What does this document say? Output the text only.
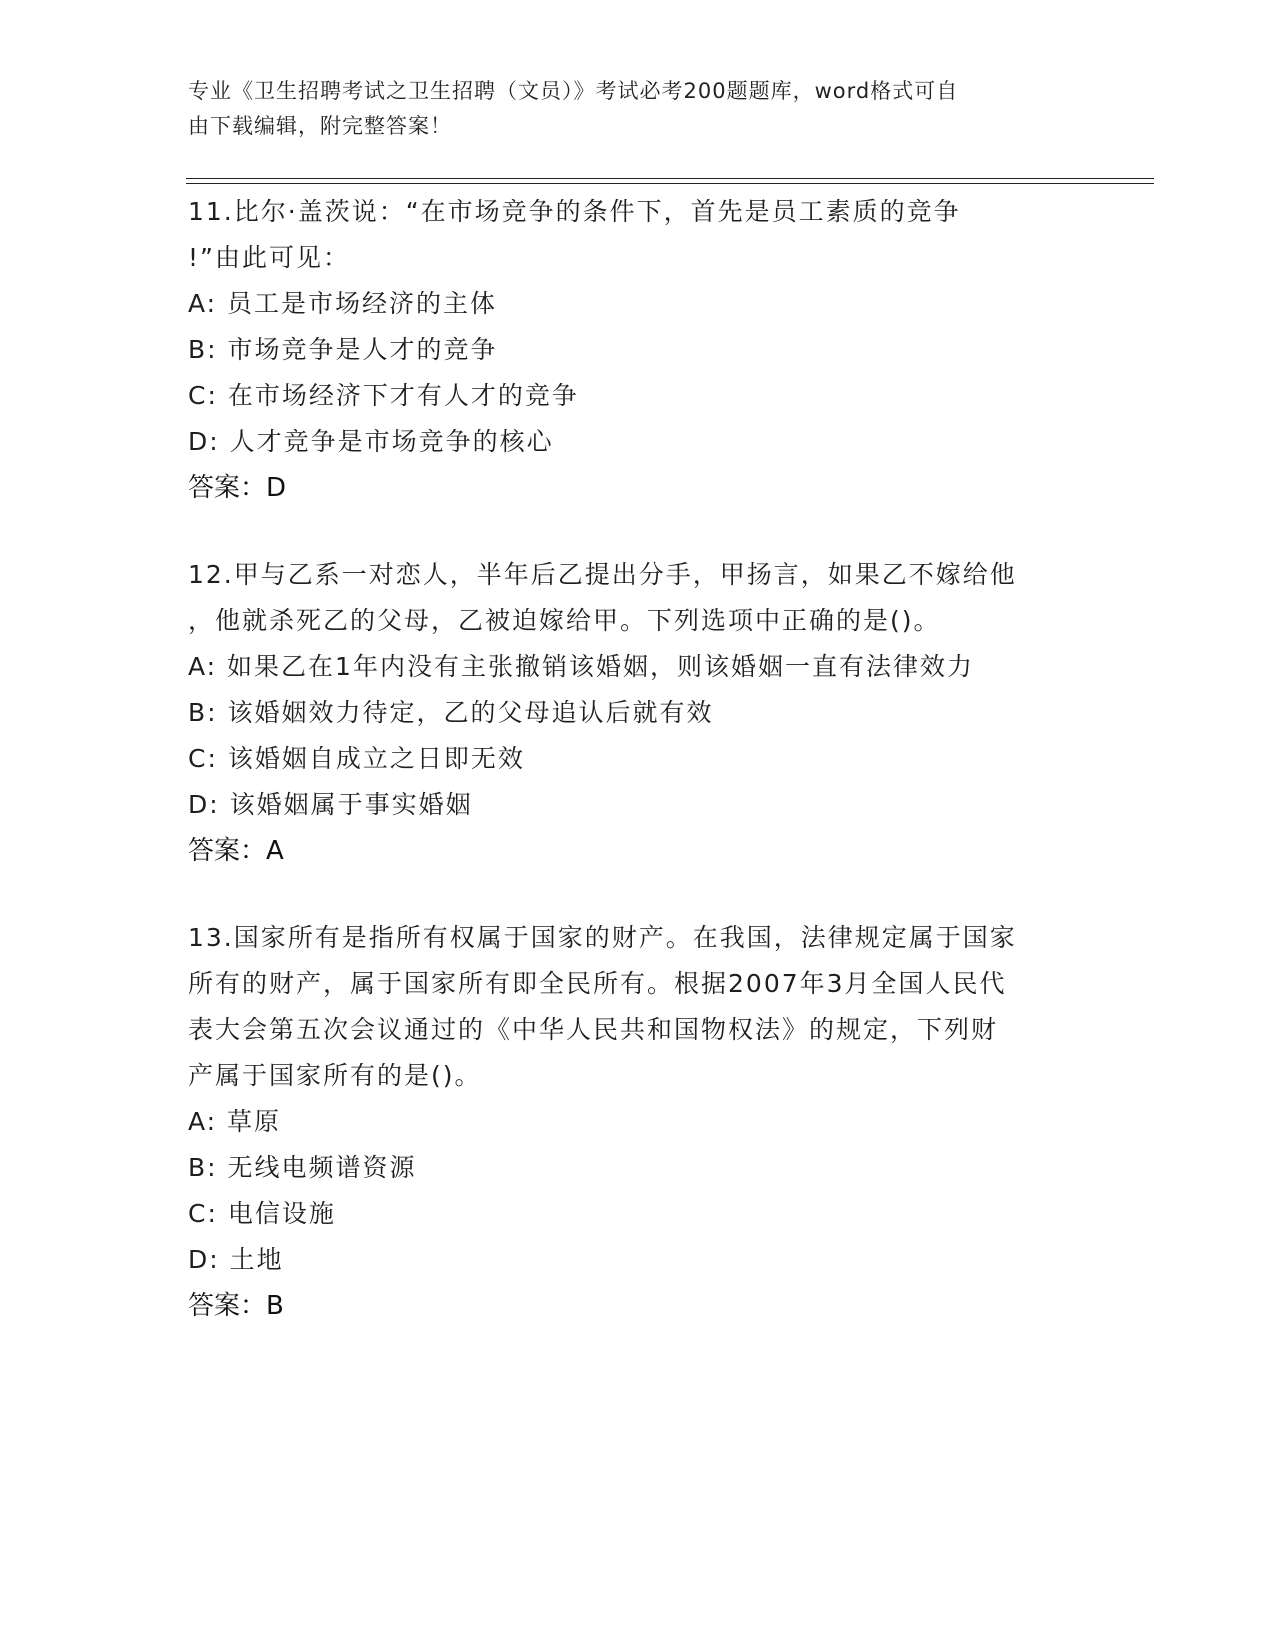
专业《卫生招聘考试之卫生招聘（文员）》考试必考200题题库，word格式可自
由下载编辑，附完整答案！
11.比尔·盖茨说：“在市场竞争的条件下，首先是员工素质的竞争
!”由此可见：
A: 员工是市场经济的主体
B: 市场竞争是人才的竞争
C: 在市场经济下才有人才的竞争
D: 人才竞争是市场竞争的核心
答案：D
12.甲与乙系一对恋人，半年后乙提出分手，甲扬言，如果乙不嫁给他
，他就杀死乙的父母，乙被迫嫁给甲。下列选项中正确的是()。
A: 如果乙在1年内没有主张撤销该婚姻，则该婚姻一直有法律效力
B: 该婚姻效力待定，乙的父母追认后就有效
C: 该婚姻自成立之日即无效
D: 该婚姻属于事实婚姻
答案：A
13.国家所有是指所有权属于国家的财产。在我国，法律规定属于国家
所有的财产，属于国家所有即全民所有。根据2007年3月全国人民代
表大会第五次会议通过的《中华人民共和国物权法》的规定，下列财
产属于国家所有的是()。
A: 草原
B: 无线电频谱资源
C: 电信设施
D: 土地
答案：B
